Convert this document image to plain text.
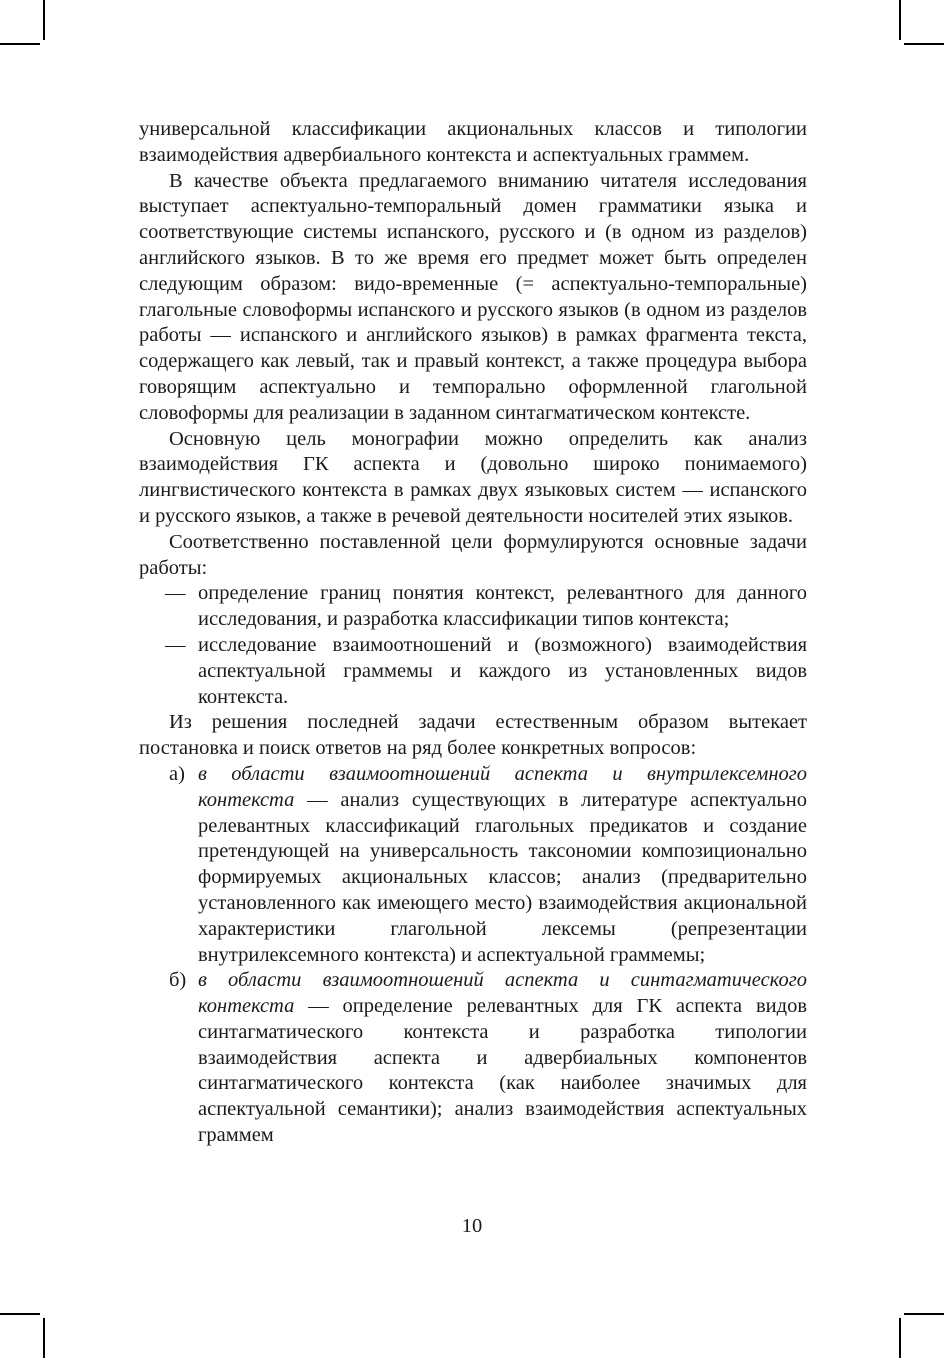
универсальной классификации акциональных классов и типологии взаимодействия адвербиального контекста и аспектуальных граммем.

В качестве объекта предлагаемого вниманию читателя исследования выступает аспектуально-темпоральный домен грамматики языка и соответствующие системы испанского, русского и (в одном из разделов) английского языков. В то же время его предмет может быть определен следующим образом: видо-временные (= аспектуально-темпоральные) глагольные словоформы испанского и русского языков (в одном из разделов работы — испанского и английского языков) в рамках фрагмента текста, содержащего как левый, так и правый контекст, а также процедура выбора говорящим аспектуально и темпорально оформленной глагольной словоформы для реализации в заданном синтагматическом контексте.

Основную цель монографии можно определить как анализ взаимодействия ГК аспекта и (довольно широко понимаемого) лингвистического контекста в рамках двух языковых систем — испанского и русского языков, а также в речевой деятельности носителей этих языков.

Соответственно поставленной цели формулируются основные задачи работы:

— определение границ понятия контекст, релевантного для данного исследования, и разработка классификации типов контекста;
— исследование взаимоотношений и (возможного) взаимодействия аспектуальной граммемы и каждого из установленных видов контекста.

Из решения последней задачи естественным образом вытекает постановка и поиск ответов на ряд более конкретных вопросов:

а) в области взаимоотношений аспекта и внутрилексемного контекста — анализ существующих в литературе аспектуально релевантных классификаций глагольных предикатов и создание претендующей на универсальность таксономии композиционально формируемых акциональных классов; анализ (предварительно установленного как имеющего место) взаимодействия акциональной характеристики глагольной лексемы (репрезентации внутрилексемного контекста) и аспектуальной граммемы;
б) в области взаимоотношений аспекта и синтагматического контекста — определение релевантных для ГК аспекта видов синтагматического контекста и разработка типологии взаимодействия аспекта и адвербиальных компонентов синтагматического контекста (как наиболее значимых для аспектуальной семантики); анализ взаимодействия аспектуальных граммем
10
